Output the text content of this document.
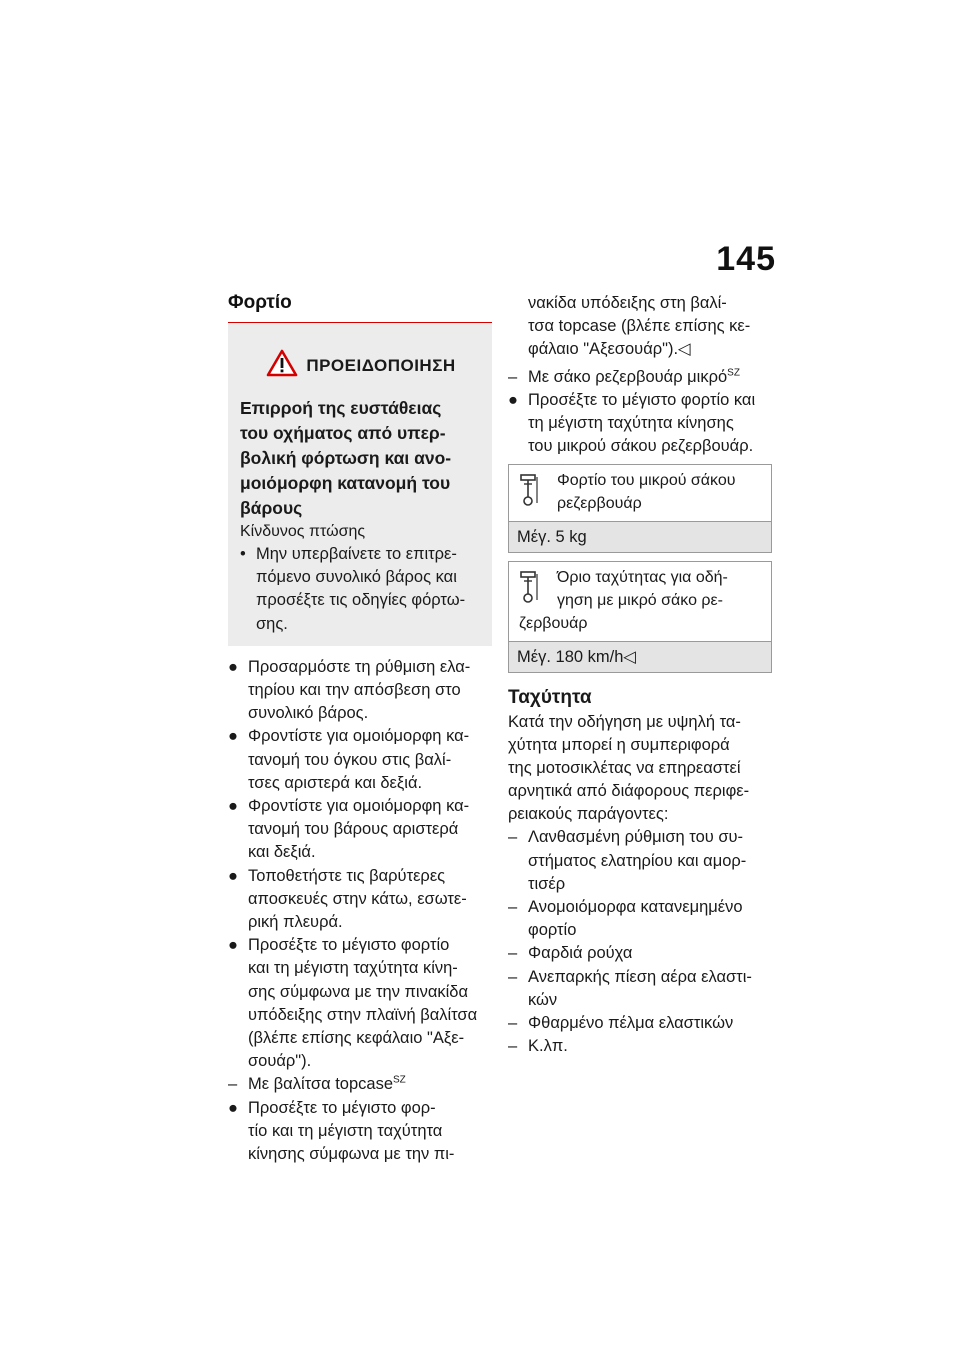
145
Φορτίο
ΠΡΟΕΙΔΟΠΟΙΗΣΗ
Επιρροή της ευστάθειας
του οχήματος από υπερ-
βολική φόρτωση και ανο-
μοιόμορφη κατανομή του
βάρους
Κίνδυνος πτώσης
• Μην υπερβαίνετε το επιτρε-
πόμενο συνολικό βάρος και
προσέξτε τις οδηγίες φόρτω-
σης.
● Προσαρμόστε τη ρύθμιση ελα-
τηρίου και την απόσβεση στο
συνολικό βάρος.
● Φροντίστε για ομοιόμορφη κα-
τανομή του όγκου στις βαλί-
τσες αριστερά και δεξιά.
● Φροντίστε για ομοιόμορφη κα-
τανομή του βάρους αριστερά
και δεξιά.
● Τοποθετήστε τις βαρύτερες
αποσκευές στην κάτω, εσωτε-
ρική πλευρά.
● Προσέξτε το μέγιστο φορτίο
και τη μέγιστη ταχύτητα κίνη-
σης σύμφωνα με την πινακίδα
υπόδειξης στην πλαϊνή βαλίτσα
(βλέπε επίσης κεφάλαιο "Αξε-
σουάρ").
– Με βαλίτσα topcase$^{SZ}$
● Προσέξτε το μέγιστο φορ-
τίο και τη μέγιστη ταχύτητα
κίνησης σύμφωνα με την πι-
νακίδα υπόδειξης στη βαλί-
τσα topcase (βλέπε επίσης κε-
φάλαιο "Αξεσουάρ").◁
– Με σάκο ρεζερβουάρ μικρό$^{SZ}$
● Προσέξτε το μέγιστο φορτίο και
τη μέγιστη ταχύτητα κίνησης
του μικρού σάκου ρεζερβουάρ.
Φορτίο του μικρού σάκου
ρεζερβουάρ
Μέγ. 5 kg
Όριο ταχύτητας για οδή-
γηση με μικρό σάκο ρε-
ζερβουάρ
Μέγ. 180 km/h◁
Ταχύτητα
Κατά την οδήγηση με υψηλή τα-
χύτητα μπορεί η συμπεριφορά
της μοτοσικλέτας να επηρεαστεί
αρνητικά από διάφορους περιφε-
ρειακούς παράγοντες:
– Λανθασμένη ρύθμιση του συ-
στήματος ελατηρίου και αμορ-
τισέρ
– Ανομοιόμορφα κατανεμημένο
φορτίο
– Φαρδιά ρούχα
– Ανεπαρκής πίεση αέρα ελαστι-
κών
– Φθαρμένο πέλμα ελαστικών
– Κ.λπ.
